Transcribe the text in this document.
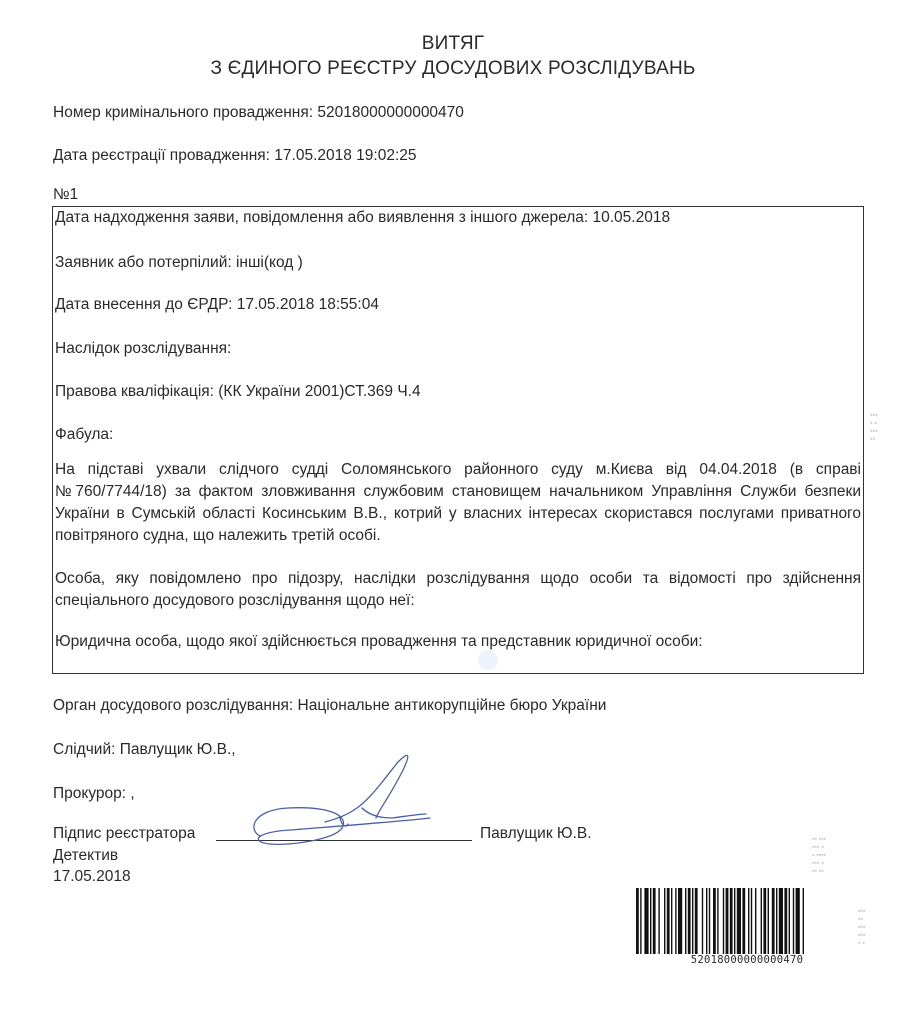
ВИТЯГ
З ЄДИНОГО РЕЄСТРУ ДОСУДОВИХ РОЗСЛІДУВАНЬ
Номер кримінального провадження: 52018000000000470
Дата реєстрації провадження: 17.05.2018 19:02:25
№1
Дата надходження заяви, повідомлення або виявлення з іншого джерела: 10.05.2018
Заявник або потерпілий: інші(код )
Дата внесення до ЄРДР: 17.05.2018 18:55:04
Наслідок розслідування:
Правова кваліфікація: (КК України 2001)СТ.369 Ч.4
Фабула:
На підставі ухвали слідчого судді Соломянського районного суду м.Києва від 04.04.2018 (в справі №760/7744/18) за фактом зловживання службовим становищем начальником Управління Служби безпеки України в Сумській області Косинським В.В., котрий у власних інтересах скористався послугами приватного повітряного судна, що належить третій особі.
Особа, яку повідомлено про підозру, наслідки розслідування щодо особи та відомості про здійснення спеціального досудового розслідування щодо неї:
Юридична особа, щодо якої здійснюється провадження та представник юридичної особи:
Орган досудового розслідування: Національне антикорупційне бюро України
Слідчий: Павлущик Ю.В.,
Прокурор: ,
Підпис реєстратора	Павлущик Ю.В.
Детектив
17.05.2018
52018000000000470
▪▪▪
▪ ▪
▪▪▪
▪▪
▪▪ ▪▪▪
▪▪▪ ▪
▪ ▪▪▪▪
▪▪▪ ▪
▪▪ ▪▪
▪▪▪
▪▪
▪▪▪
▪▪▪
▪ ▪
